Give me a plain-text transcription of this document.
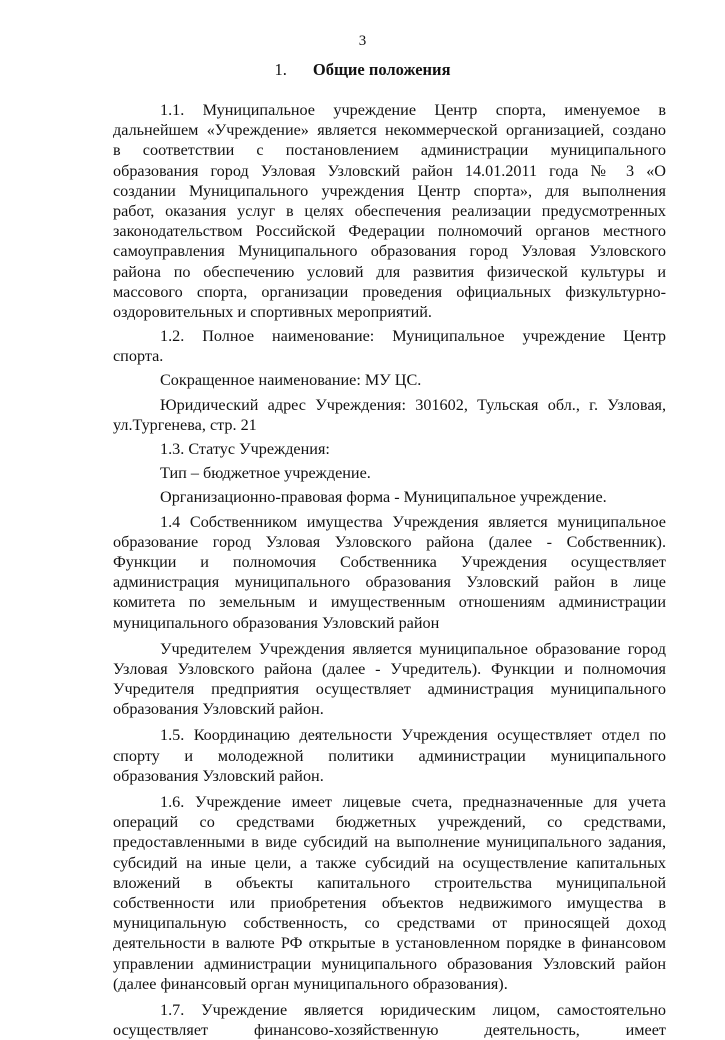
3
1. Общие положения
1.1. Муниципальное учреждение Центр спорта, именуемое в
дальнейшем «Учреждение» является некоммерческой организацией, создано
в соответствии с постановлением администрации муниципального
образования город Узловая Узловский район 14.01.2011 года № 3 «О
создании Муниципального учреждения Центр спорта», для выполнения
работ, оказания услуг в целях обеспечения реализации предусмотренных
законодательством Российской Федерации полномочий органов местного
самоуправления Муниципального образования город Узловая Узловского
района по обеспечению условий для развития физической культуры и
массового спорта, организации проведения официальных физкультурно-
оздоровительных и спортивных мероприятий.
1.2. Полное наименование: Муниципальное учреждение Центр
спорта.
Сокращенное наименование: МУ ЦС.
Юридический адрес Учреждения: 301602, Тульская обл., г. Узловая,
ул.Тургенева, стр. 21
1.3. Статус Учреждения:
Тип – бюджетное учреждение.
Организационно-правовая форма - Муниципальное учреждение.
1.4 Собственником имущества Учреждения является муниципальное
образование город Узловая Узловского района (далее - Собственник).
Функции и полномочия Собственника Учреждения осуществляет
администрация муниципального образования Узловский район в лице
комитета по земельным и имущественным отношениям администрации
муниципального образования Узловский район
Учредителем Учреждения является муниципальное образование город
Узловая Узловского района (далее - Учредитель). Функции и полномочия
Учредителя предприятия осуществляет администрация муниципального
образования Узловский район.
1.5. Координацию деятельности Учреждения осуществляет отдел по
спорту и молодежной политики администрации муниципального
образования Узловский район.
1.6. Учреждение имеет лицевые счета, предназначенные для учета
операций со средствами бюджетных учреждений, со средствами,
предоставленными в виде субсидий на выполнение муниципального задания,
субсидий на иные цели, а также субсидий на осуществление капитальных
вложений в объекты капитального строительства муниципальной
собственности или приобретения объектов недвижимого имущества в
муниципальную собственность, со средствами от приносящей доход
деятельности в валюте РФ открытые в установленном порядке в финансовом
управлении администрации муниципального образования Узловский район
(далее финансовый орган муниципального образования).
1.7. Учреждение является юридическим лицом, самостоятельно
осуществляет финансово-хозяйственную деятельность, имеет
